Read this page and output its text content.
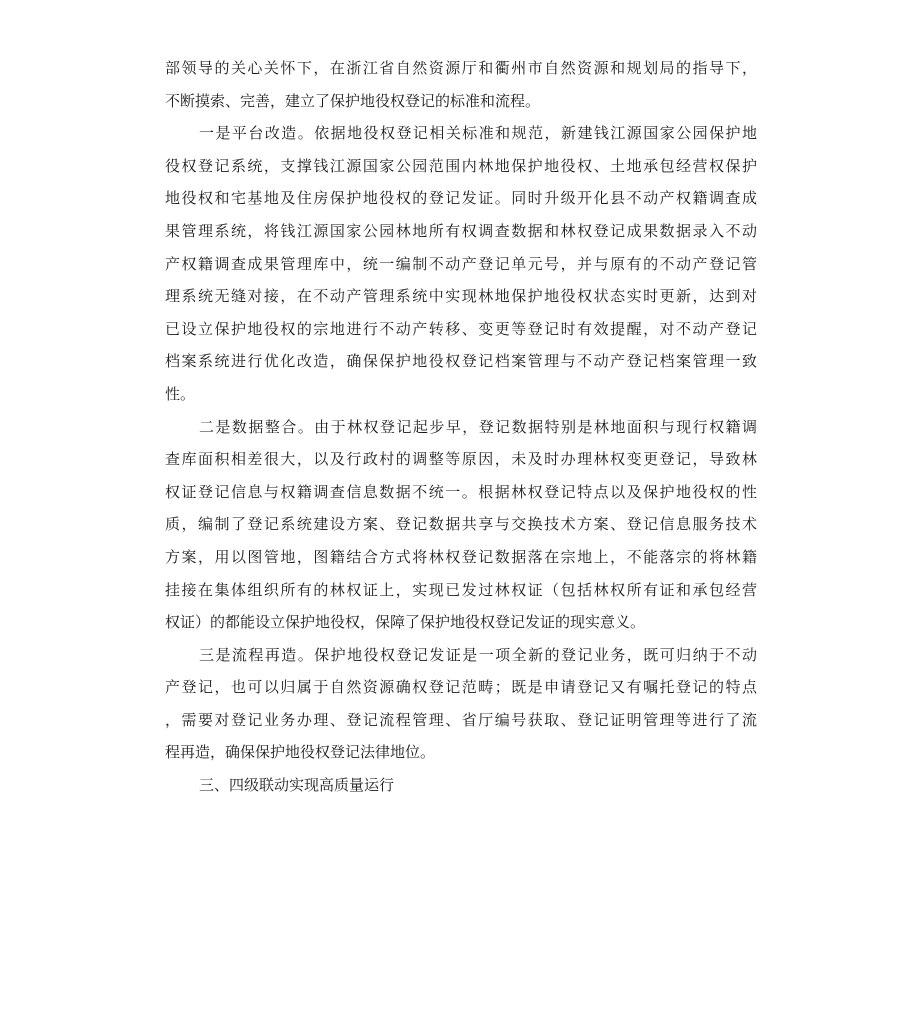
部领导的关心关怀下，在浙江省自然资源厅和衢州市自然资源和规划局的指导下，
不断摸索、完善，建立了保护地役权登记的标准和流程。
一是平台改造。依据地役权登记相关标准和规范，新建钱江源国家公园保护地
役权登记系统，支撑钱江源国家公园范围内林地保护地役权、土地承包经营权保护
地役权和宅基地及住房保护地役权的登记发证。同时升级开化县不动产权籍调查成
果管理系统，将钱江源国家公园林地所有权调查数据和林权登记成果数据录入不动
产权籍调查成果管理库中，统一编制不动产登记单元号，并与原有的不动产登记管
理系统无缝对接，在不动产管理系统中实现林地保护地役权状态实时更新，达到对
已设立保护地役权的宗地进行不动产转移、变更等登记时有效提醒，对不动产登记
档案系统进行优化改造，确保保护地役权登记档案管理与不动产登记档案管理一致
性。
二是数据整合。由于林权登记起步早，登记数据特别是林地面积与现行权籍调
查库面积相差很大，以及行政村的调整等原因，未及时办理林权变更登记，导致林
权证登记信息与权籍调查信息数据不统一。根据林权登记特点以及保护地役权的性
质，编制了登记系统建设方案、登记数据共享与交换技术方案、登记信息服务技术
方案，用以图管地，图籍结合方式将林权登记数据落在宗地上，不能落宗的将林籍
挂接在集体组织所有的林权证上，实现已发过林权证（包括林权所有证和承包经营
权证）的都能设立保护地役权，保障了保护地役权登记发证的现实意义。
三是流程再造。保护地役权登记发证是一项全新的登记业务，既可归纳于不动
产登记，也可以归属于自然资源确权登记范畴；既是申请登记又有嘱托登记的特点
，需要对登记业务办理、登记流程管理、省厅编号获取、登记证明管理等进行了流
程再造，确保保护地役权登记法律地位。
三、四级联动实现高质量运行
